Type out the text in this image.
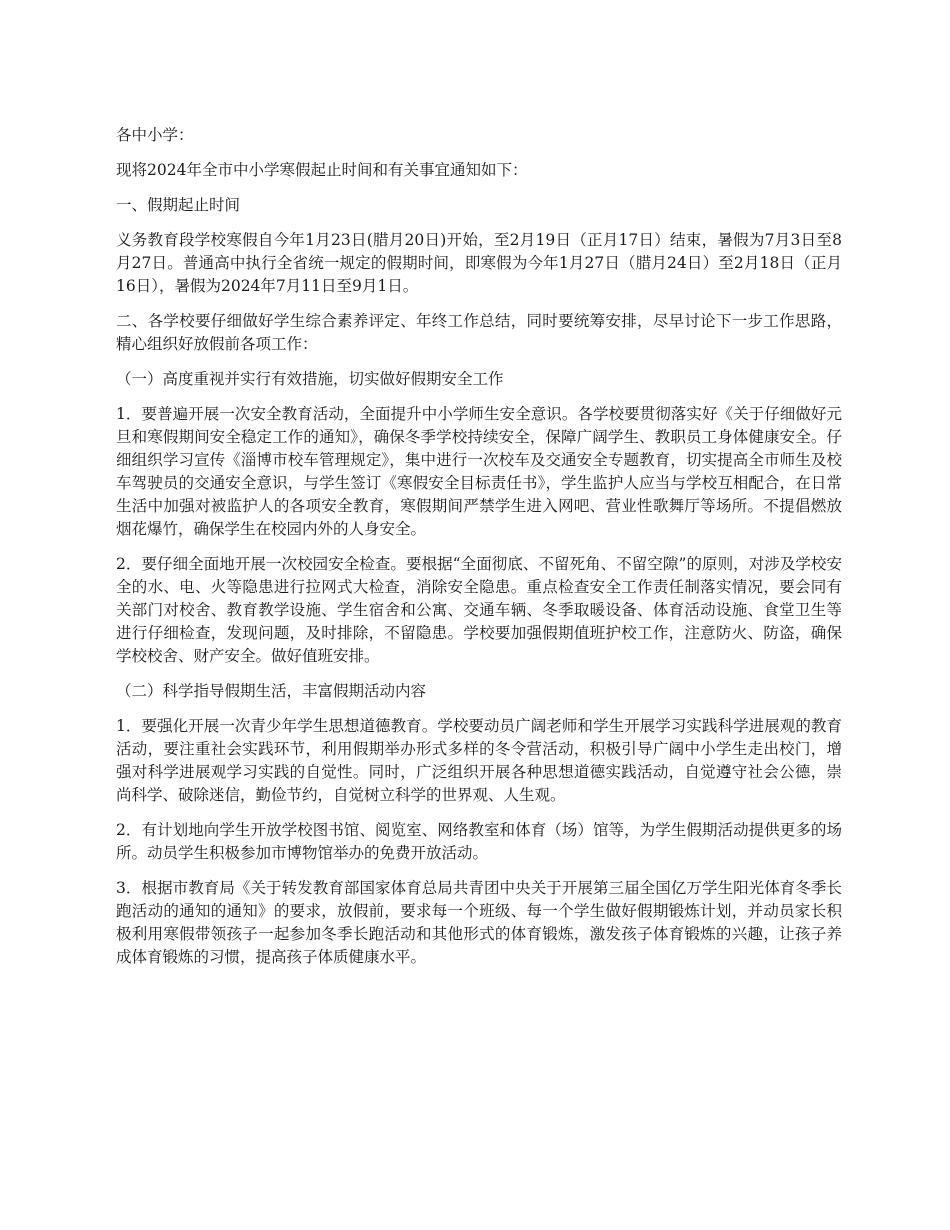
各中小学：

现将2024年全市中小学寒假起止时间和有关事宜通知如下：

一、假期起止时间

义务教育段学校寒假自今年1月23日(腊月20日)开始，至2月19日（正月17日）结束，暑假为7月3日至8月27日。普通高中执行全省统一规定的假期时间，即寒假为今年1月27日（腊月24日）至2月18日（正月16日），暑假为2024年7月11日至9月1日。

二、各学校要仔细做好学生综合素养评定、年终工作总结，同时要统筹安排，尽早讨论下一步工作思路，精心组织好放假前各项工作：

（一）高度重视并实行有效措施，切实做好假期安全工作

1．要普遍开展一次安全教育活动，全面提升中小学师生安全意识。各学校要贯彻落实好《关于仔细做好元旦和寒假期间安全稳定工作的通知》，确保冬季学校持续安全，保障广阔学生、教职员工身体健康安全。仔细组织学习宣传《淄博市校车管理规定》，集中进行一次校车及交通安全专题教育，切实提高全市师生及校车驾驶员的交通安全意识，与学生签订《寒假安全目标责任书》，学生监护人应当与学校互相配合，在日常生活中加强对被监护人的各项安全教育，寒假期间严禁学生进入网吧、营业性歌舞厅等场所。不提倡燃放烟花爆竹，确保学生在校园内外的人身安全。

2．要仔细全面地开展一次校园安全检查。要根据“全面彻底、不留死角、不留空隙”的原则，对涉及学校安全的水、电、火等隐患进行拉网式大检查，消除安全隐患。重点检查安全工作责任制落实情况，要会同有关部门对校舍、教育教学设施、学生宿舍和公寓、交通车辆、冬季取暖设备、体育活动设施、食堂卫生等进行仔细检查，发现问题，及时排除，不留隐患。学校要加强假期值班护校工作，注意防火、防盗，确保学校校舍、财产安全。做好值班安排。

（二）科学指导假期生活，丰富假期活动内容

1．要强化开展一次青少年学生思想道德教育。学校要动员广阔老师和学生开展学习实践科学进展观的教育活动，要注重社会实践环节，利用假期举办形式多样的冬令营活动，积极引导广阔中小学生走出校门，增强对科学进展观学习实践的自觉性。同时，广泛组织开展各种思想道德实践活动，自觉遵守社会公德，崇尚科学、破除迷信，勤俭节约，自觉树立科学的世界观、人生观。

2．有计划地向学生开放学校图书馆、阅览室、网络教室和体育（场）馆等，为学生假期活动提供更多的场所。动员学生积极参加市博物馆举办的免费开放活动。

3．根据市教育局《关于转发教育部国家体育总局共青团中央关于开展第三届全国亿万学生阳光体育冬季长跑活动的通知的通知》的要求，放假前，要求每一个班级、每一个学生做好假期锻炼计划，并动员家长积极利用寒假带领孩子一起参加冬季长跑活动和其他形式的体育锻炼，激发孩子体育锻炼的兴趣，让孩子养成体育锻炼的习惯，提高孩子体质健康水平。
